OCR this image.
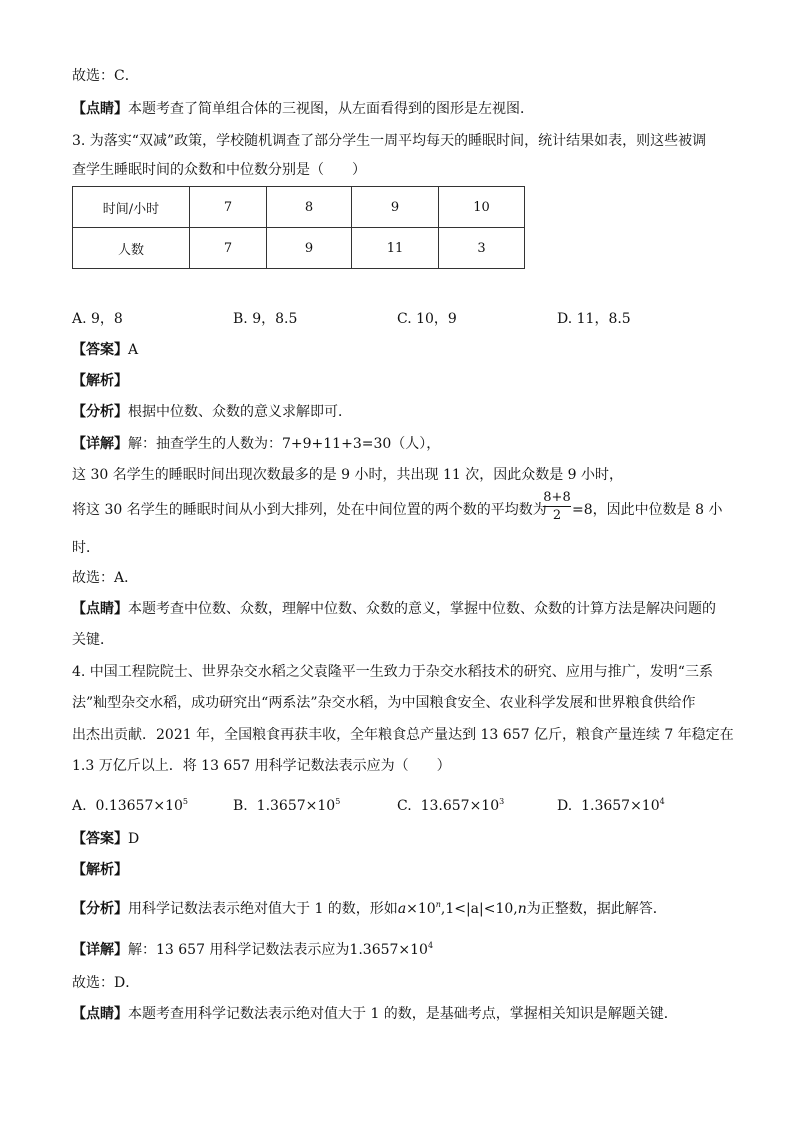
故选：C．
【点睛】本题考查了简单组合体的三视图，从左面看得到的图形是左视图．
3. 为落实“双减”政策，学校随机调查了部分学生一周平均每天的睡眠时间，统计结果如表，则这些被调
查学生睡眠时间的众数和中位数分别是（　　）
时间/小时	7	8	9	10
人数	7	9	11	3
A. 9，8	B. 9，8.5	C. 10，9	D. 11，8.5
【答案】A
【解析】
【分析】根据中位数、众数的意义求解即可．
【详解】解：抽查学生的人数为：7+9+11+3=30（人），
这 30 名学生的睡眠时间出现次数最多的是 9 小时，共出现 11 次，因此众数是 9 小时，
将这 30 名学生的睡眠时间从小到大排列，处在中间位置的两个数的平均数为
8+8
2 =8，因此中位数是 8 小
时．
故选：A．
【点睛】本题考查中位数、众数，理解中位数、众数的意义，掌握中位数、众数的计算方法是解决问题的
关键．
4. 中国工程院院士、世界杂交水稻之父袁隆平一生致力于杂交水稻技术的研究、应用与推广，发明“三系
法”籼型杂交水稻，成功研究出“两系法”杂交水稻，为中国粮食安全、农业科学发展和世界粮食供给作
出杰出贡献．2021 年，全国粮食再获丰收，全年粮食总产量达到 13 657 亿斤，粮食产量连续 7 年稳定在
1.3 万亿斤以上．将 13 657 用科学记数法表示应为（　　）
A. $0.13657\times 10^5$	B. $1.3657\times 10^5$	C. $13.657\times 10^3$	D. $1.3657\times 10^4$
【答案】D
【解析】
【分析】用科学记数法表示绝对值大于 1 的数，形如$a\times 10^n,1<|a|<10,n$为正整数，据此解答．
【详解】解：13 657 用科学记数法表示应为$1.3657\times 10^4$
故选：D．
【点睛】本题考查用科学记数法表示绝对值大于 1 的数，是基础考点，掌握相关知识是解题关键．
